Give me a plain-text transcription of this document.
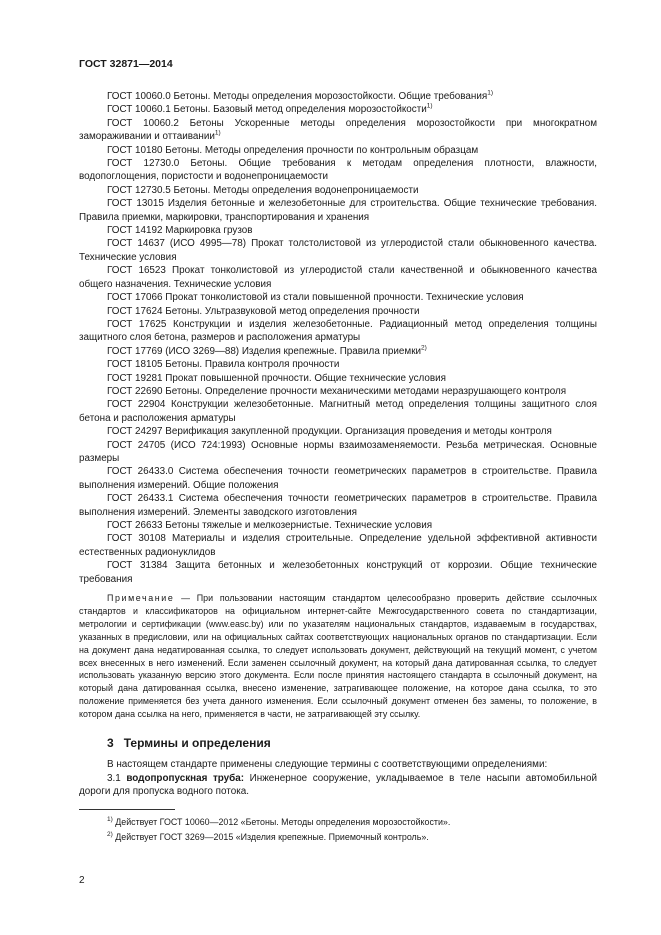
ГОСТ 32871—2014

ГОСТ 10060.0 Бетоны. Методы определения морозостойкости. Общие требования$^{1)}$

ГОСТ 10060.1 Бетоны. Базовый метод определения морозостойкости$^{1)}$

ГОСТ 10060.2 Бетоны Ускоренные методы определения морозостойкости при многократном замораживании и оттаивании$^{1)}$

ГОСТ 10180 Бетоны. Методы определения прочности по контрольным образцам

ГОСТ 12730.0 Бетоны. Общие требования к методам определения плотности, влажности, водопоглощения, пористости и водонепроницаемости

ГОСТ 12730.5 Бетоны. Методы определения водонепроницаемости

ГОСТ 13015 Изделия бетонные и железобетонные для строительства. Общие технические требования. Правила приемки, маркировки, транспортирования и хранения

ГОСТ 14192 Маркировка грузов

ГОСТ 14637 (ИСО 4995—78) Прокат толстолистовой из углеродистой стали обыкновенного качества. Технические условия

ГОСТ 16523 Прокат тонколистовой из углеродистой стали качественной и обыкновенного качества общего назначения. Технические условия

ГОСТ 17066 Прокат тонколистовой из стали повышенной прочности. Технические условия

ГОСТ 17624 Бетоны. Ультразвуковой метод определения прочности

ГОСТ 17625 Конструкции и изделия железобетонные. Радиационный метод определения толщины защитного слоя бетона, размеров и расположения арматуры

ГОСТ 17769 (ИСО 3269—88) Изделия крепежные. Правила приемки$^{2)}$

ГОСТ 18105 Бетоны. Правила контроля прочности

ГОСТ 19281 Прокат повышенной прочности. Общие технические условия

ГОСТ 22690 Бетоны. Определение прочности механическими методами неразрушающего контроля

ГОСТ 22904 Конструкции железобетонные. Магнитный метод определения толщины защитного слоя бетона и расположения арматуры

ГОСТ 24297 Верификация закупленной продукции. Организация проведения и методы контроля

ГОСТ 24705 (ИСО 724:1993) Основные нормы взаимозаменяемости. Резьба метрическая. Основные размеры

ГОСТ 26433.0 Система обеспечения точности геометрических параметров в строительстве. Правила выполнения измерений. Общие положения

ГОСТ 26433.1 Система обеспечения точности геометрических параметров в строительстве. Правила выполнения измерений. Элементы заводского изготовления

ГОСТ 26633 Бетоны тяжелые и мелкозернистые. Технические условия

ГОСТ 30108 Материалы и изделия строительные. Определение удельной эффективной активности естественных радионуклидов

ГОСТ 31384 Защита бетонных и железобетонных конструкций от коррозии. Общие технические требования

Примечание — При пользовании настоящим стандартом целесообразно проверить действие ссылочных стандартов и классификаторов на официальном интернет-сайте Межгосударственного совета по стандартизации, метрологии и сертификации (www.easc.by) или по указателям национальных стандартов, издаваемым в государствах, указанных в предисловии, или на официальных сайтах соответствующих национальных органов по стандартизации. Если на документ дана недатированная ссылка, то следует использовать документ, действующий на текущий момент, с учетом всех внесенных в него изменений. Если заменен ссылочный документ, на который дана датированная ссылка, то следует использовать указанную версию этого документа. Если после принятия настоящего стандарта в ссылочный документ, на который дана датированная ссылка, внесено изменение, затрагивающее положение, на которое дана ссылка, то это положение применяется без учета данного изменения. Если ссылочный документ отменен без замены, то положение, в котором дана ссылка на него, применяется в части, не затрагивающей эту ссылку.
3 Термины и определения
В настоящем стандарте применены следующие термины с соответствующими определениями:
3.1 водопропускная труба: Инженерное сооружение, укладываемое в теле насыпи автомобильной дороги для пропуска водного потока.
$^{1)}$ Действует ГОСТ 10060—2012 «Бетоны. Методы определения морозостойкости».
$^{2)}$ Действует ГОСТ 3269—2015 «Изделия крепежные. Приемочный контроль».
2
